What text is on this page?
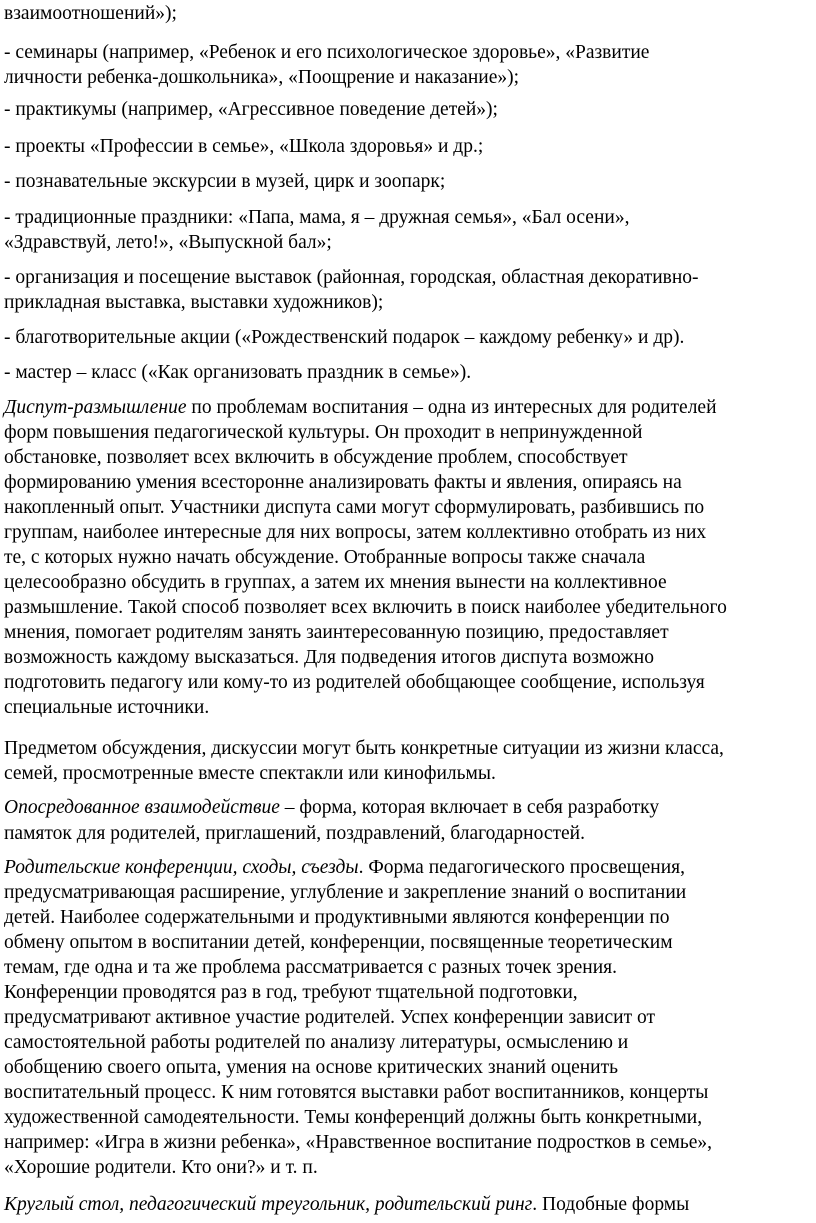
взаимоотношений»);
- семинары (например, «Ребенок и его психологическое здоровье», «Развитие
личности ребенка-дошкольника», «Поощрение и наказание»);
- практикумы (например, «Агрессивное поведение детей»);
- проекты «Профессии в семье», «Школа здоровья» и др.;
- познавательные экскурсии в музей, цирк и зоопарк;
- традиционные праздники: «Папа, мама, я – дружная семья», «Бал осени»,
«Здравствуй, лето!», «Выпускной бал»;
- организация и посещение выставок (районная, городская, областная декоративно-
прикладная выставка, выставки художников);
- благотворительные акции («Рождественский подарок – каждому ребенку» и др).
- мастер – класс («Как организовать праздник в семье»).
Диспут-размышление по проблемам воспитания – одна из интересных для родителей
форм повышения педагогической культуры. Он проходит в непринужденной
обстановке, позволяет всех включить в обсуждение проблем, способствует
формированию умения всесторонне анализировать факты и явления, опираясь на
накопленный опыт. Участники диспута сами могут сформулировать, разбившись по
группам, наиболее интересные для них вопросы, затем коллективно отобрать из них
те, с которых нужно начать обсуждение. Отобранные вопросы также сначала
целесообразно обсудить в группах, а затем их мнения вынести на коллективное
размышление. Такой способ позволяет всех включить в поиск наиболее убедительного
мнения, помогает родителям занять заинтересованную позицию, предоставляет
возможность каждому высказаться. Для подведения итогов диспута возможно
подготовить педагогу или кому-то из родителей обобщающее сообщение, используя
специальные источники.
Предметом обсуждения, дискуссии могут быть конкретные ситуации из жизни класса,
семей, просмотренные вместе спектакли или кинофильмы.
Опосредованное взаимодействие – форма, которая включает в себя разработку
памяток для родителей, приглашений, поздравлений, благодарностей.
Родительские конференции, сходы, съезды. Форма педагогического просвещения,
предусматривающая расширение, углубление и закрепление знаний о воспитании
детей. Наиболее содержательными и продуктивными являются конференции по
обмену опытом в воспитании детей, конференции, посвященные теоретическим
темам, где одна и та же проблема рассматривается с разных точек зрения.
Конференции проводятся раз в год, требуют тщательной подготовки,
предусматривают активное участие родителей. Успех конференции зависит от
самостоятельной работы родителей по анализу литературы, осмыслению и
обобщению своего опыта, умения на основе критических знаний оценить
воспитательный процесс. К ним готовятся выставки работ воспитанников, концерты
художественной самодеятельности. Темы конференций должны быть конкретными,
например: «Игра в жизни ребенка», «Нравственное воспитание подростков в семье»,
«Хорошие родители. Кто они?» и т. п.
Круглый стол, педагогический треугольник, родительский ринг. Подобные формы
